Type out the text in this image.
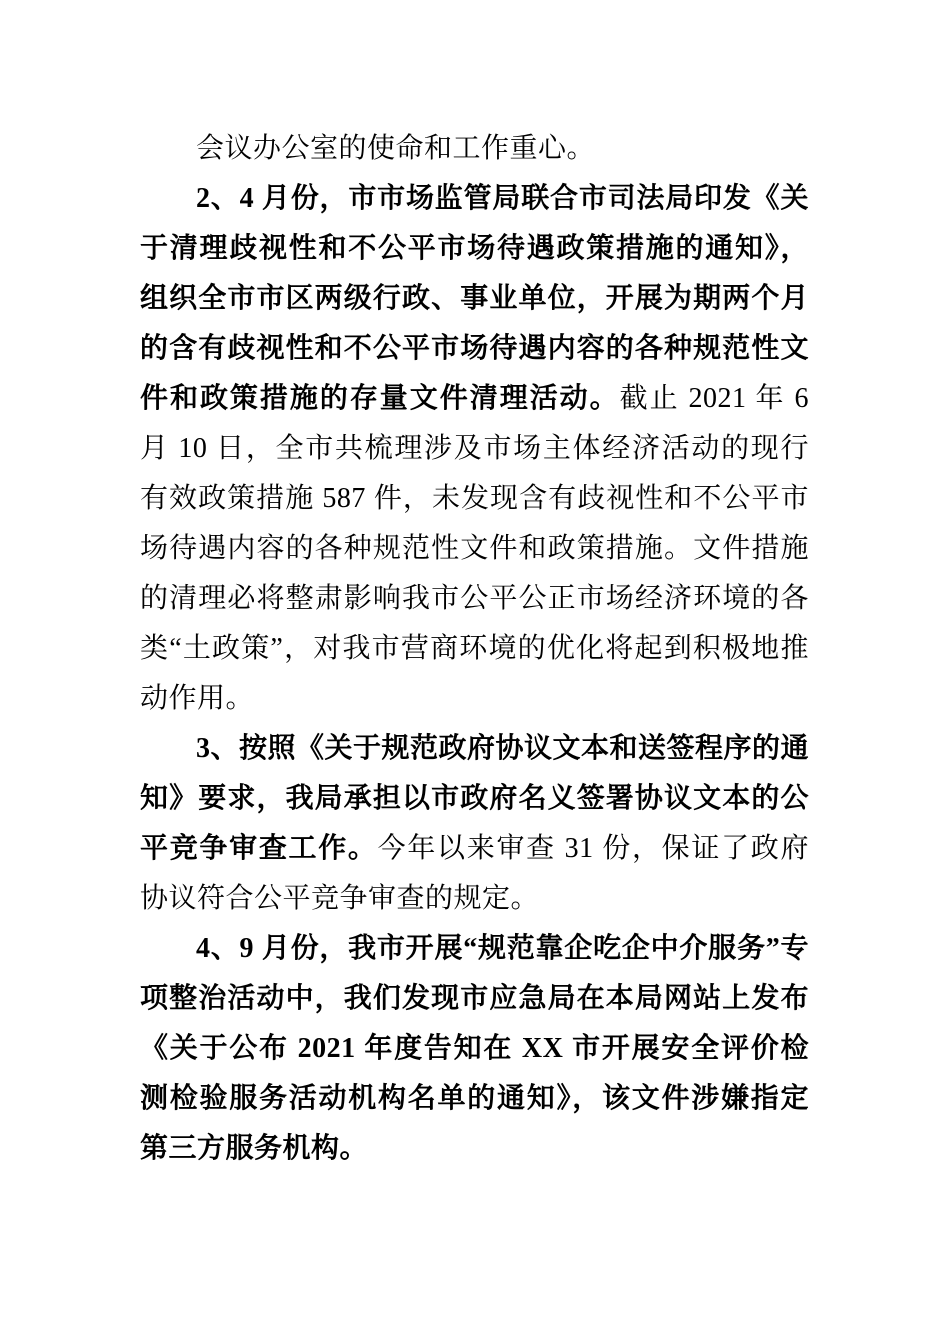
会议办公室的使命和工作重心。

2、4 月份，市市场监管局联合市司法局印发《关于清理歧视性和不公平市场待遇政策措施的通知》，组织全市市区两级行政、事业单位，开展为期两个月的含有歧视性和不公平市场待遇内容的各种规范性文件和政策措施的存量文件清理活动。截止 2021 年 6 月 10 日，全市共梳理涉及市场主体经济活动的现行有效政策措施 587 件，未发现含有歧视性和不公平市场待遇内容的各种规范性文件和政策措施。文件措施的清理必将整肃影响我市公平公正市场经济环境的各类“土政策”，对我市营商环境的优化将起到积极地推动作用。

3、按照《关于规范政府协议文本和送签程序的通知》要求，我局承担以市政府名义签署协议文本的公平竞争审查工作。今年以来审查 31 份，保证了政府协议符合公平竞争审查的规定。

4、9 月份，我市开展“规范靠企吃企中介服务”专项整治活动中，我们发现市应急局在本局网站上发布《关于公布 2021 年度告知在 XX 市开展安全评价检测检验服务活动机构名单的通知》，该文件涉嫌指定第三方服务机构。
